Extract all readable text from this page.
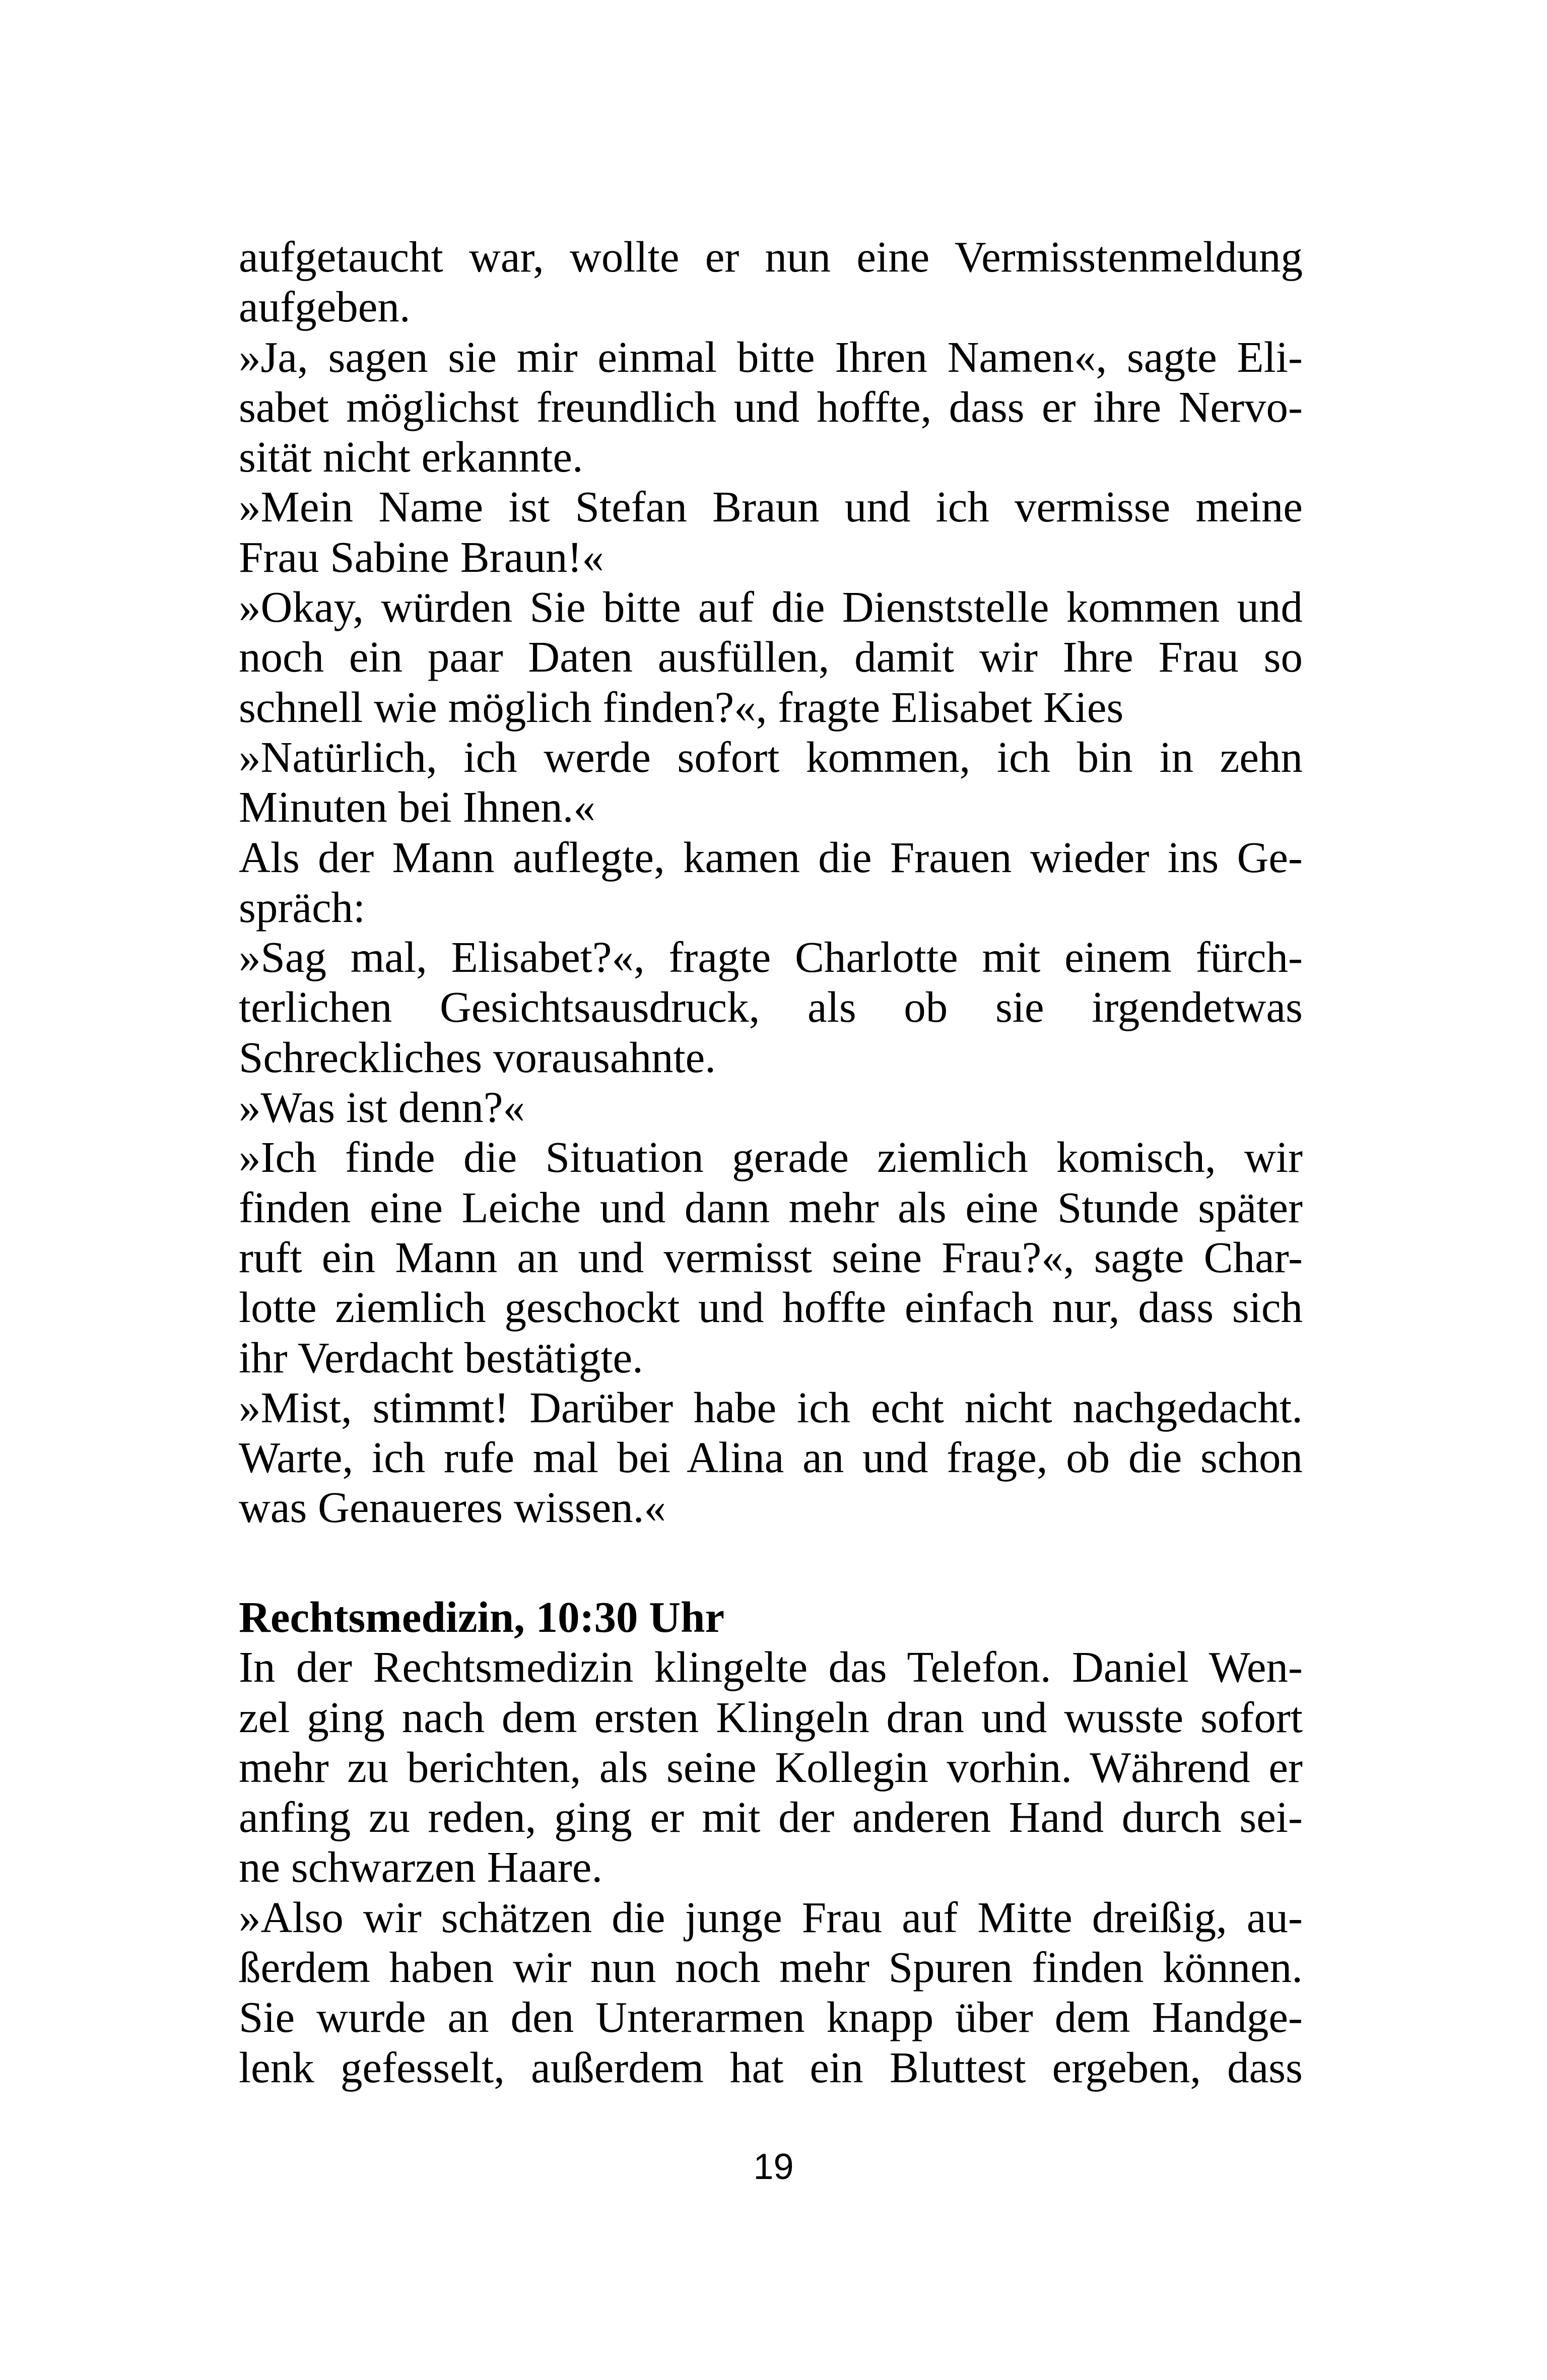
aufgetaucht war, wollte er nun eine Vermisstenmeldung
aufgeben.
»Ja, sagen sie mir einmal bitte Ihren Namen«, sagte Eli-
sabet möglichst freundlich und hoffte, dass er ihre Nervo-
sität nicht erkannte.
»Mein Name ist Stefan Braun und ich vermisse meine
Frau Sabine Braun!«
»Okay, würden Sie bitte auf die Dienststelle kommen und
noch ein paar Daten ausfüllen, damit wir Ihre Frau so
schnell wie möglich finden?«, fragte Elisabet Kies
»Natürlich, ich werde sofort kommen, ich bin in zehn
Minuten bei Ihnen.«
Als der Mann auflegte, kamen die Frauen wieder ins Ge-
spräch:
»Sag mal, Elisabet?«, fragte Charlotte mit einem fürch-
terlichen Gesichtsausdruck, als ob sie irgendetwas
Schreckliches vorausahnte.
»Was ist denn?«
»Ich finde die Situation gerade ziemlich komisch, wir
finden eine Leiche und dann mehr als eine Stunde später
ruft ein Mann an und vermisst seine Frau?«, sagte Char-
lotte ziemlich geschockt und hoffte einfach nur, dass sich
ihr Verdacht bestätigte.
»Mist, stimmt! Darüber habe ich echt nicht nachgedacht.
Warte, ich rufe mal bei Alina an und frage, ob die schon
was Genaueres wissen.«
Rechtsmedizin, 10:30 Uhr
In der Rechtsmedizin klingelte das Telefon. Daniel Wen-
zel ging nach dem ersten Klingeln dran und wusste sofort
mehr zu berichten, als seine Kollegin vorhin. Während er
anfing zu reden, ging er mit der anderen Hand durch sei-
ne schwarzen Haare.
»Also wir schätzen die junge Frau auf Mitte dreißig, au-
ßerdem haben wir nun noch mehr Spuren finden können.
Sie wurde an den Unterarmen knapp über dem Handge-
lenk gefesselt, außerdem hat ein Bluttest ergeben, dass
19
